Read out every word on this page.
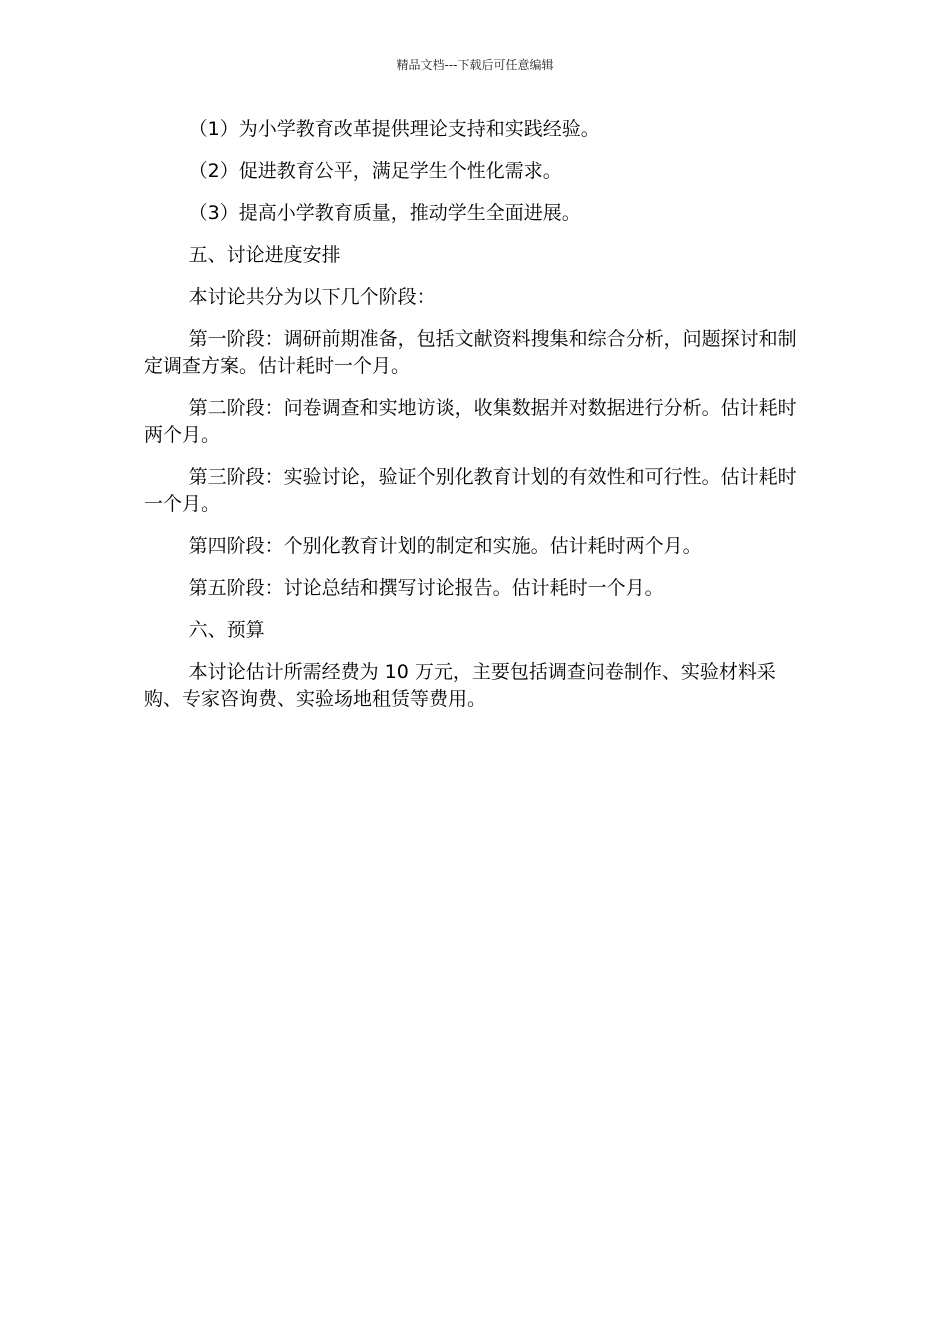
精品文档---下载后可任意编辑

（1）为小学教育改革提供理论支持和实践经验。

（2）促进教育公平，满足学生个性化需求。

（3）提高小学教育质量，推动学生全面进展。

五、讨论进度安排

本讨论共分为以下几个阶段：

第一阶段：调研前期准备，包括文献资料搜集和综合分析，问题探讨和制定调查方案。估计耗时一个月。

第二阶段：问卷调查和实地访谈，收集数据并对数据进行分析。估计耗时两个月。

第三阶段：实验讨论，验证个别化教育计划的有效性和可行性。估计耗时一个月。

第四阶段：个别化教育计划的制定和实施。估计耗时两个月。

第五阶段：讨论总结和撰写讨论报告。估计耗时一个月。

六、预算

本讨论估计所需经费为 10 万元，主要包括调查问卷制作、实验材料采购、专家咨询费、实验场地租赁等费用。
